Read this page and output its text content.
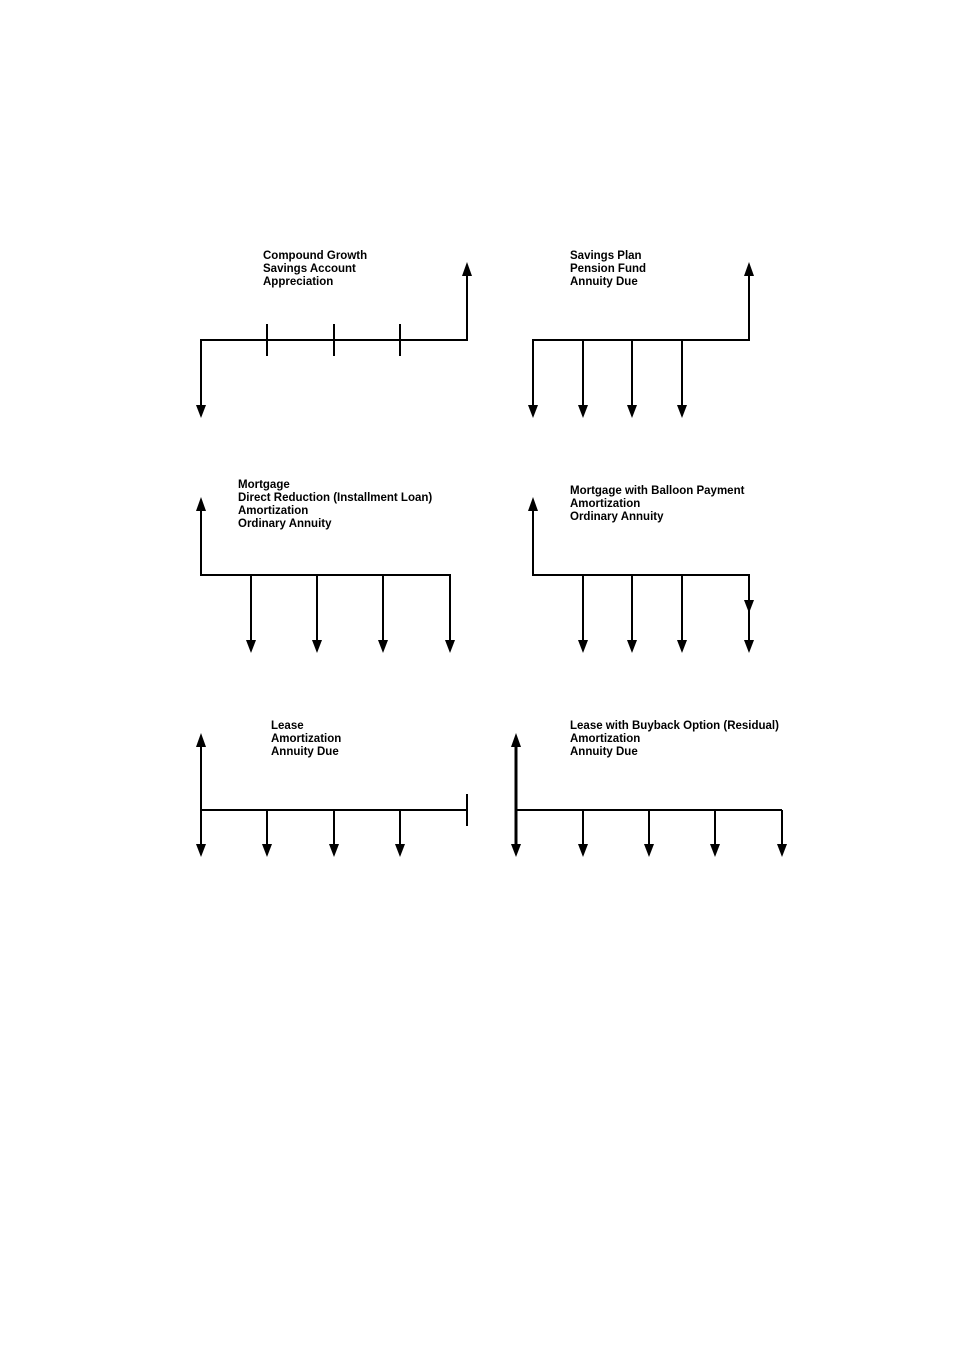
Compound Growth
Savings Account
Appreciation
Savings Plan
Pension Fund
Annuity Due
Mortgage
Direct Reduction (Installment Loan)
Amortization
Ordinary Annuity
Mortgage with Balloon Payment
Amortization
Ordinary Annuity
Lease
Amortization
Annuity Due
Lease with Buyback Option (Residual)
Amortization
Annuity Due
